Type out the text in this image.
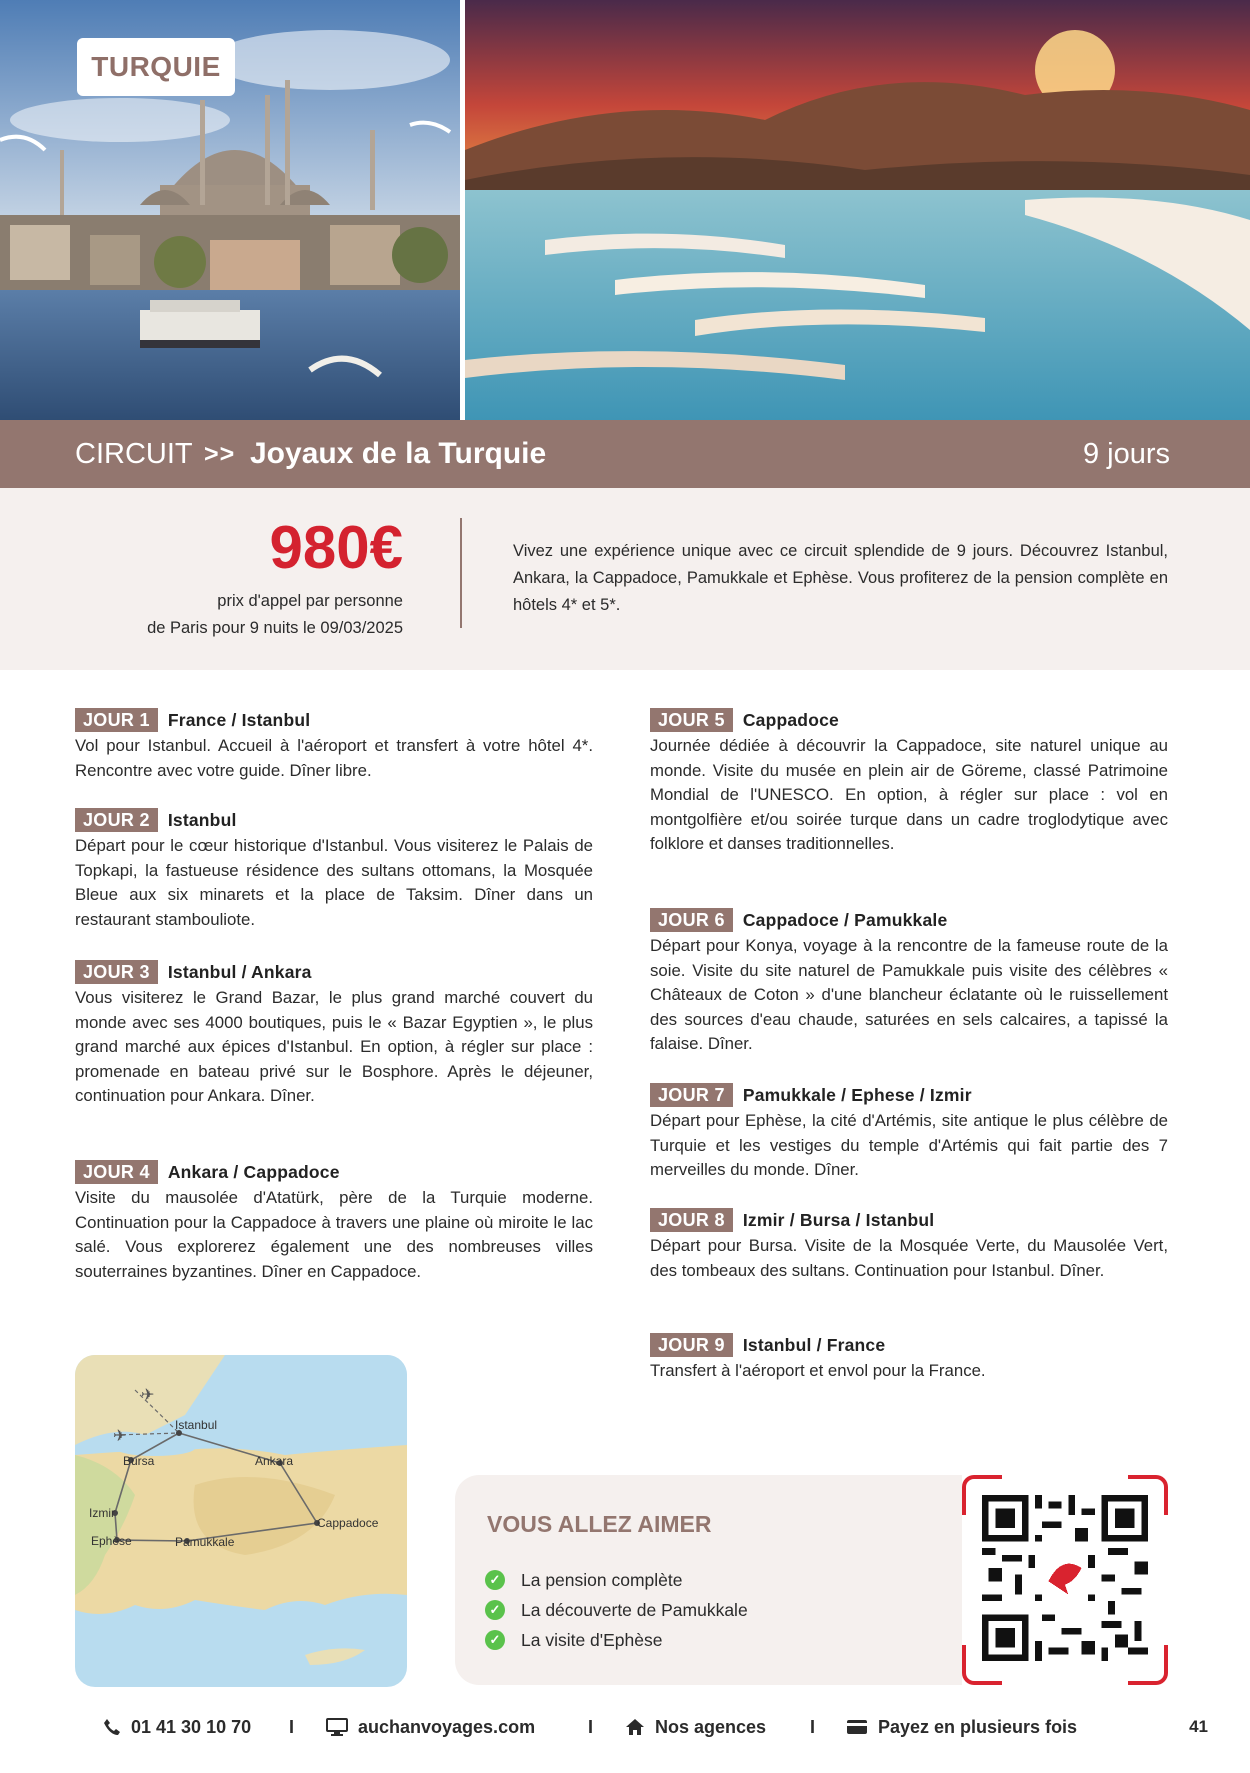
TURQUIE
CIRCUIT >> Joyaux de la Turquie	9 jours
980€
prix d'appel par personne
de Paris pour 9 nuits le 09/03/2025
Vivez une expérience unique avec ce circuit splendide de 9 jours. Découvrez Istanbul, Ankara, la Cappadoce, Pamukkale et Ephèse. Vous profiterez de la pension complète en hôtels 4* et 5*.
JOUR 1	France / Istanbul
Vol pour Istanbul. Accueil à l'aéroport et transfert à votre hôtel 4*. Rencontre avec votre guide. Dîner libre.
JOUR 2	Istanbul
Départ pour le cœur historique d'Istanbul. Vous visiterez le Palais de Topkapi, la fastueuse résidence des sultans ottomans, la Mosquée Bleue aux six minarets et la place de Taksim. Dîner dans un restaurant stambouliote.
JOUR 3	Istanbul / Ankara
Vous visiterez le Grand Bazar, le plus grand marché couvert du monde avec ses 4000 boutiques, puis le « Bazar Egyptien », le plus grand marché aux épices d'Istanbul. En option, à régler sur place : promenade en bateau privé sur le Bosphore. Après le déjeuner, continuation pour Ankara. Dîner.
JOUR 4	Ankara / Cappadoce
Visite du mausolée d'Atatürk, père de la Turquie moderne. Continuation pour la Cappadoce à travers une plaine où miroite le lac salé. Vous explorerez également une des nombreuses villes souterraines byzantines. Dîner en Cappadoce.
JOUR 5	Cappadoce
Journée dédiée à découvrir la Cappadoce, site naturel unique au monde. Visite du musée en plein air de Göreme, classé Patrimoine Mondial de l'UNESCO. En option, à régler sur place : vol en montgolfière et/ou soirée turque dans un cadre troglodytique avec folklore et danses traditionnelles.
JOUR 6	Cappadoce / Pamukkale
Départ pour Konya, voyage à la rencontre de la fameuse route de la soie. Visite du site naturel de Pamukkale puis visite des célèbres « Châteaux de Coton » d'une blancheur éclatante où le ruissellement des sources d'eau chaude, saturées en sels calcaires, a tapissé la falaise. Dîner.
JOUR 7	Pamukkale / Ephese / Izmir
Départ pour Ephèse, la cité d'Artémis, site antique le plus célèbre de Turquie et les vestiges du temple d'Artémis qui fait partie des 7 merveilles du monde. Dîner.
JOUR 8	Izmir / Bursa / Istanbul
Départ pour Bursa. Visite de la Mosquée Verte, du Mausolée Vert, des tombeaux des sultans. Continuation pour Istanbul. Dîner.
JOUR 9	Istanbul / France
Transfert à l'aéroport et envol pour la France.
✈
✈
Istanbul
Bursa	Ankara
Izmir
Ephèse	Pamukkale
Cappadoce	VOUS ALLEZ AIMER
✓ La pension complète
✓ La découverte de Pamukkale
✓ La visite d'Ephèse
01 41 30 10 70 I	auchanvoyages.com	I	Nos agences I	Payez en plusieurs fois	41
